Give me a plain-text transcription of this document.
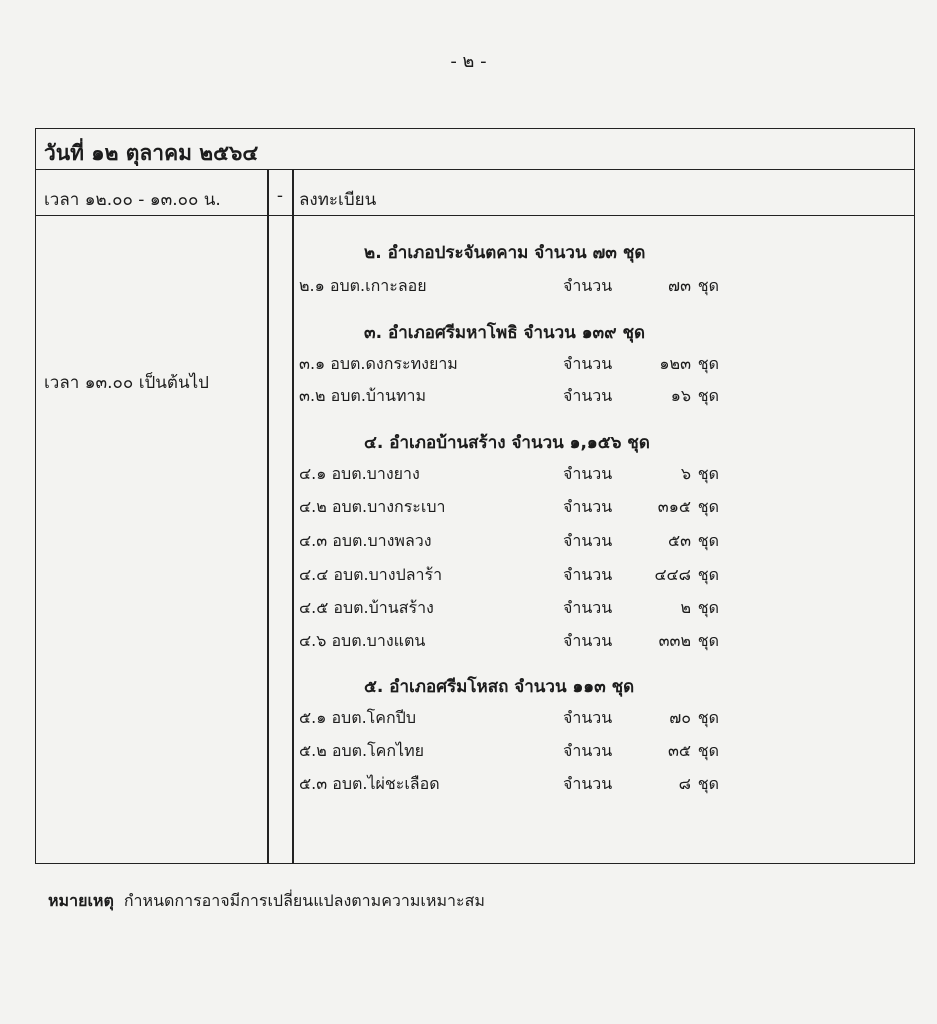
- ๒ -
วันที่ ๑๒ ตุลาคม ๒๕๖๔
เวลา ๑๒.๐๐ - ๑๓.๐๐ น.	- ลงทะเบียน
เวลา ๑๓.๐๐ เป็นต้นไป
๒. อำเภอประจันตคาม จำนวน ๗๓ ชุด
๒.๑ อบต.เกาะลอย	จำนวน	๗๓ ชุด
๓. อำเภอศรีมหาโพธิ จำนวน ๑๓๙ ชุด
๓.๑ อบต.ดงกระทงยาม	จำนวน	๑๒๓ ชุด
๓.๒ อบต.บ้านทาม	จำนวน	๑๖ ชุด
๔. อำเภอบ้านสร้าง จำนวน ๑,๑๕๖ ชุด
๔.๑ อบต.บางยาง	จำนวน	๖ ชุด
๔.๒ อบต.บางกระเบา	จำนวน	๓๑๕ ชุด
๔.๓ อบต.บางพลวง	จำนวน	๕๓ ชุด
๔.๔ อบต.บางปลาร้า	จำนวน	๔๔๘ ชุด
๔.๕ อบต.บ้านสร้าง	จำนวน	๒ ชุด
๔.๖ อบต.บางแตน	จำนวน	๓๓๒ ชุด
๕. อำเภอศรีมโหสถ จำนวน ๑๑๓ ชุด
๕.๑ อบต.โคกปีบ	จำนวน	๗๐ ชุด
๕.๒ อบต.โคกไทย	จำนวน	๓๕ ชุด
๕.๓ อบต.ไผ่ชะเลือด	จำนวน	๘ ชุด
หมายเหตุ กำหนดการอาจมีการเปลี่ยนแปลงตามความเหมาะสม
